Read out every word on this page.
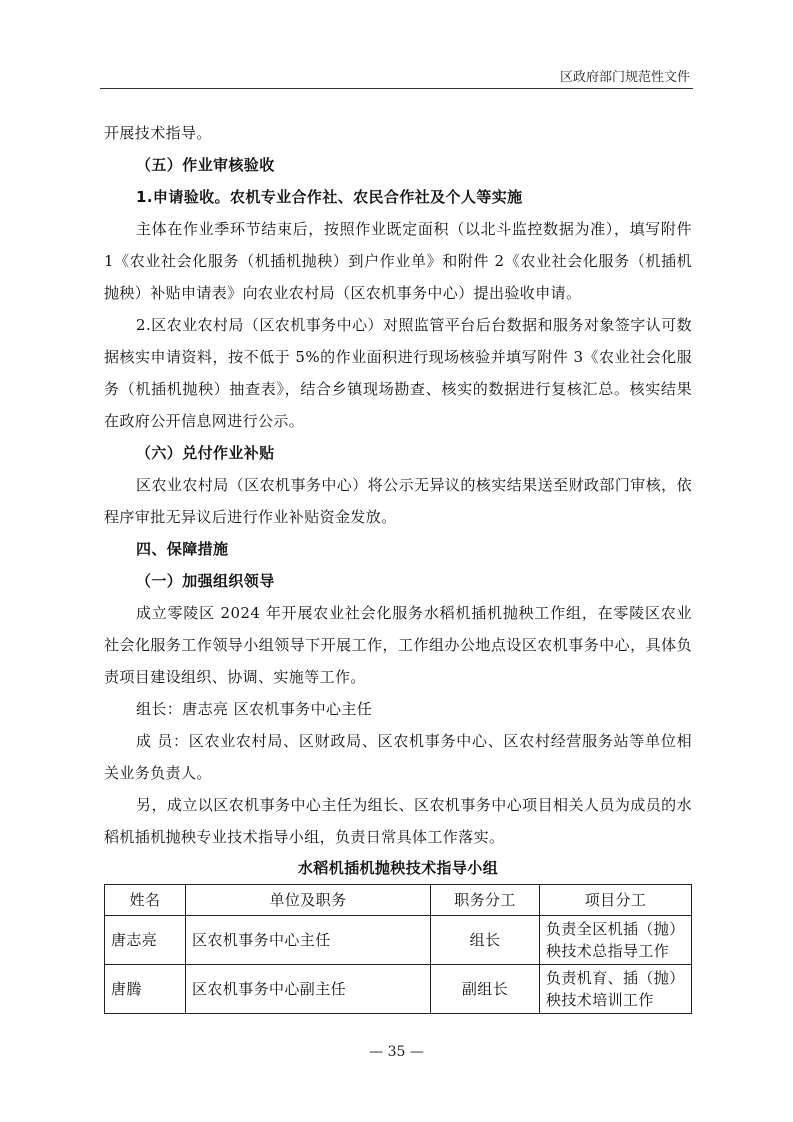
区政府部门规范性文件

开展技术指导。

（五）作业审核验收

1.申请验收。农机专业合作社、农民合作社及个人等实施

主体在作业季环节结束后，按照作业既定面积（以北斗监控数据为准），填写附件 1《农业社会化服务（机插机抛秧）到户作业单》和附件 2《农业社会化服务（机插机抛秧）补贴申请表》向农业农村局（区农机事务中心）提出验收申请。

2.区农业农村局（区农机事务中心）对照监管平台后台数据和服务对象签字认可数据核实申请资料，按不低于 5%的作业面积进行现场核验并填写附件 3《农业社会化服务（机插机抛秧）抽查表》，结合乡镇现场勘查、核实的数据进行复核汇总。核实结果在政府公开信息网进行公示。

（六）兑付作业补贴

区农业农村局（区农机事务中心）将公示无异议的核实结果送至财政部门审核，依程序审批无异议后进行作业补贴资金发放。

四、保障措施

（一）加强组织领导

成立零陵区 2024 年开展农业社会化服务水稻机插机抛秧工作组，在零陵区农业社会化服务工作领导小组领导下开展工作，工作组办公地点设区农机事务中心，具体负责项目建设组织、协调、实施等工作。

组长：唐志亮 区农机事务中心主任

成 员：区农业农村局、区财政局、区农机事务中心、区农村经营服务站等单位相关业务负责人。

另，成立以区农机事务中心主任为组长、区农机事务中心项目相关人员为成员的水稻机插机抛秧专业技术指导小组，负责日常具体工作落实。

水稻机插机抛秧技术指导小组
姓名	单位及职务	职务分工	项目分工
唐志亮	区农机事务中心主任	组长	负责全区机插（抛）秧技术总指导工作
唐腾	区农机事务中心副主任	副组长	负责机育、插（抛）秧技术培训工作
— 35 —
